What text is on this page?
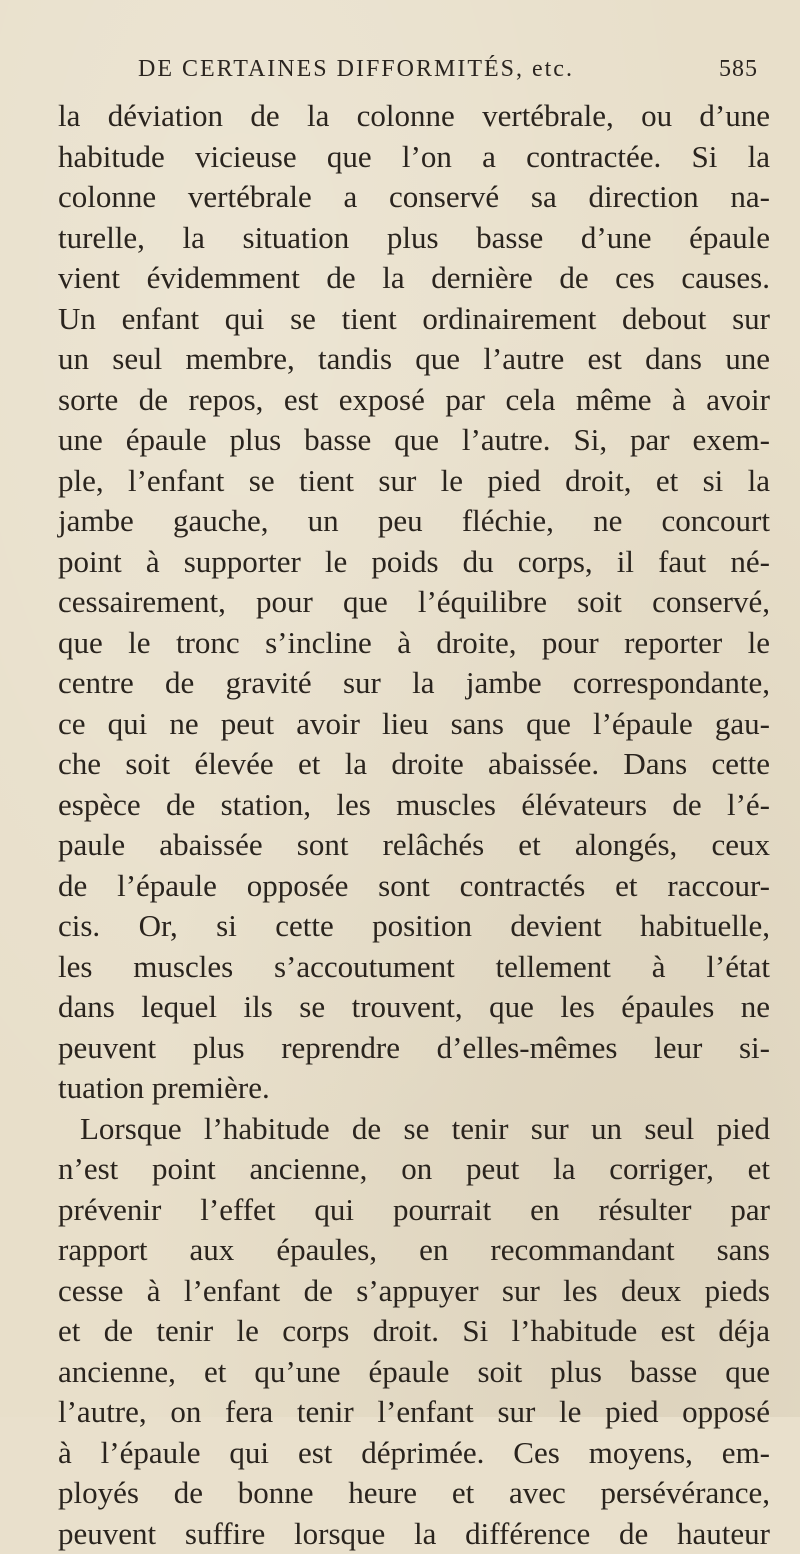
DE CERTAINES DIFFORMITÉS, etc.	585
la déviation de la colonne vertébrale, ou d’une
habitude vicieuse que l’on a contractée. Si la
colonne vertébrale a conservé sa direction na-
turelle, la situation plus basse d’une épaule
vient évidemment de la dernière de ces causes.
Un enfant qui se tient ordinairement debout sur
un seul membre, tandis que l’autre est dans une
sorte de repos, est exposé par cela même à avoir
une épaule plus basse que l’autre. Si, par exem-
ple, l’enfant se tient sur le pied droit, et si la
jambe gauche, un peu fléchie, ne concourt
point à supporter le poids du corps, il faut né-
cessairement, pour que l’équilibre soit conservé,
que le tronc s’incline à droite, pour reporter le
centre de gravité sur la jambe correspondante,
ce qui ne peut avoir lieu sans que l’épaule gau-
che soit élevée et la droite abaissée. Dans cette
espèce de station, les muscles élévateurs de l’é-
paule abaissée sont relâchés et alongés, ceux
de l’épaule opposée sont contractés et raccour-
cis. Or, si cette position devient habituelle,
les muscles s’accoutument tellement à l’état
dans lequel ils se trouvent, que les épaules ne
peuvent plus reprendre d’elles-mêmes leur si-
tuation première.
Lorsque l’habitude de se tenir sur un seul pied
n’est point ancienne, on peut la corriger, et
prévenir l’effet qui pourrait en résulter par
rapport aux épaules, en recommandant sans
cesse à l’enfant de s’appuyer sur les deux pieds
et de tenir le corps droit. Si l’habitude est déja
ancienne, et qu’une épaule soit plus basse que
l’autre, on fera tenir l’enfant sur le pied opposé
à l’épaule qui est déprimée. Ces moyens, em-
ployés de bonne heure et avec persévérance,
peuvent suffire lorsque la différence de hauteur
